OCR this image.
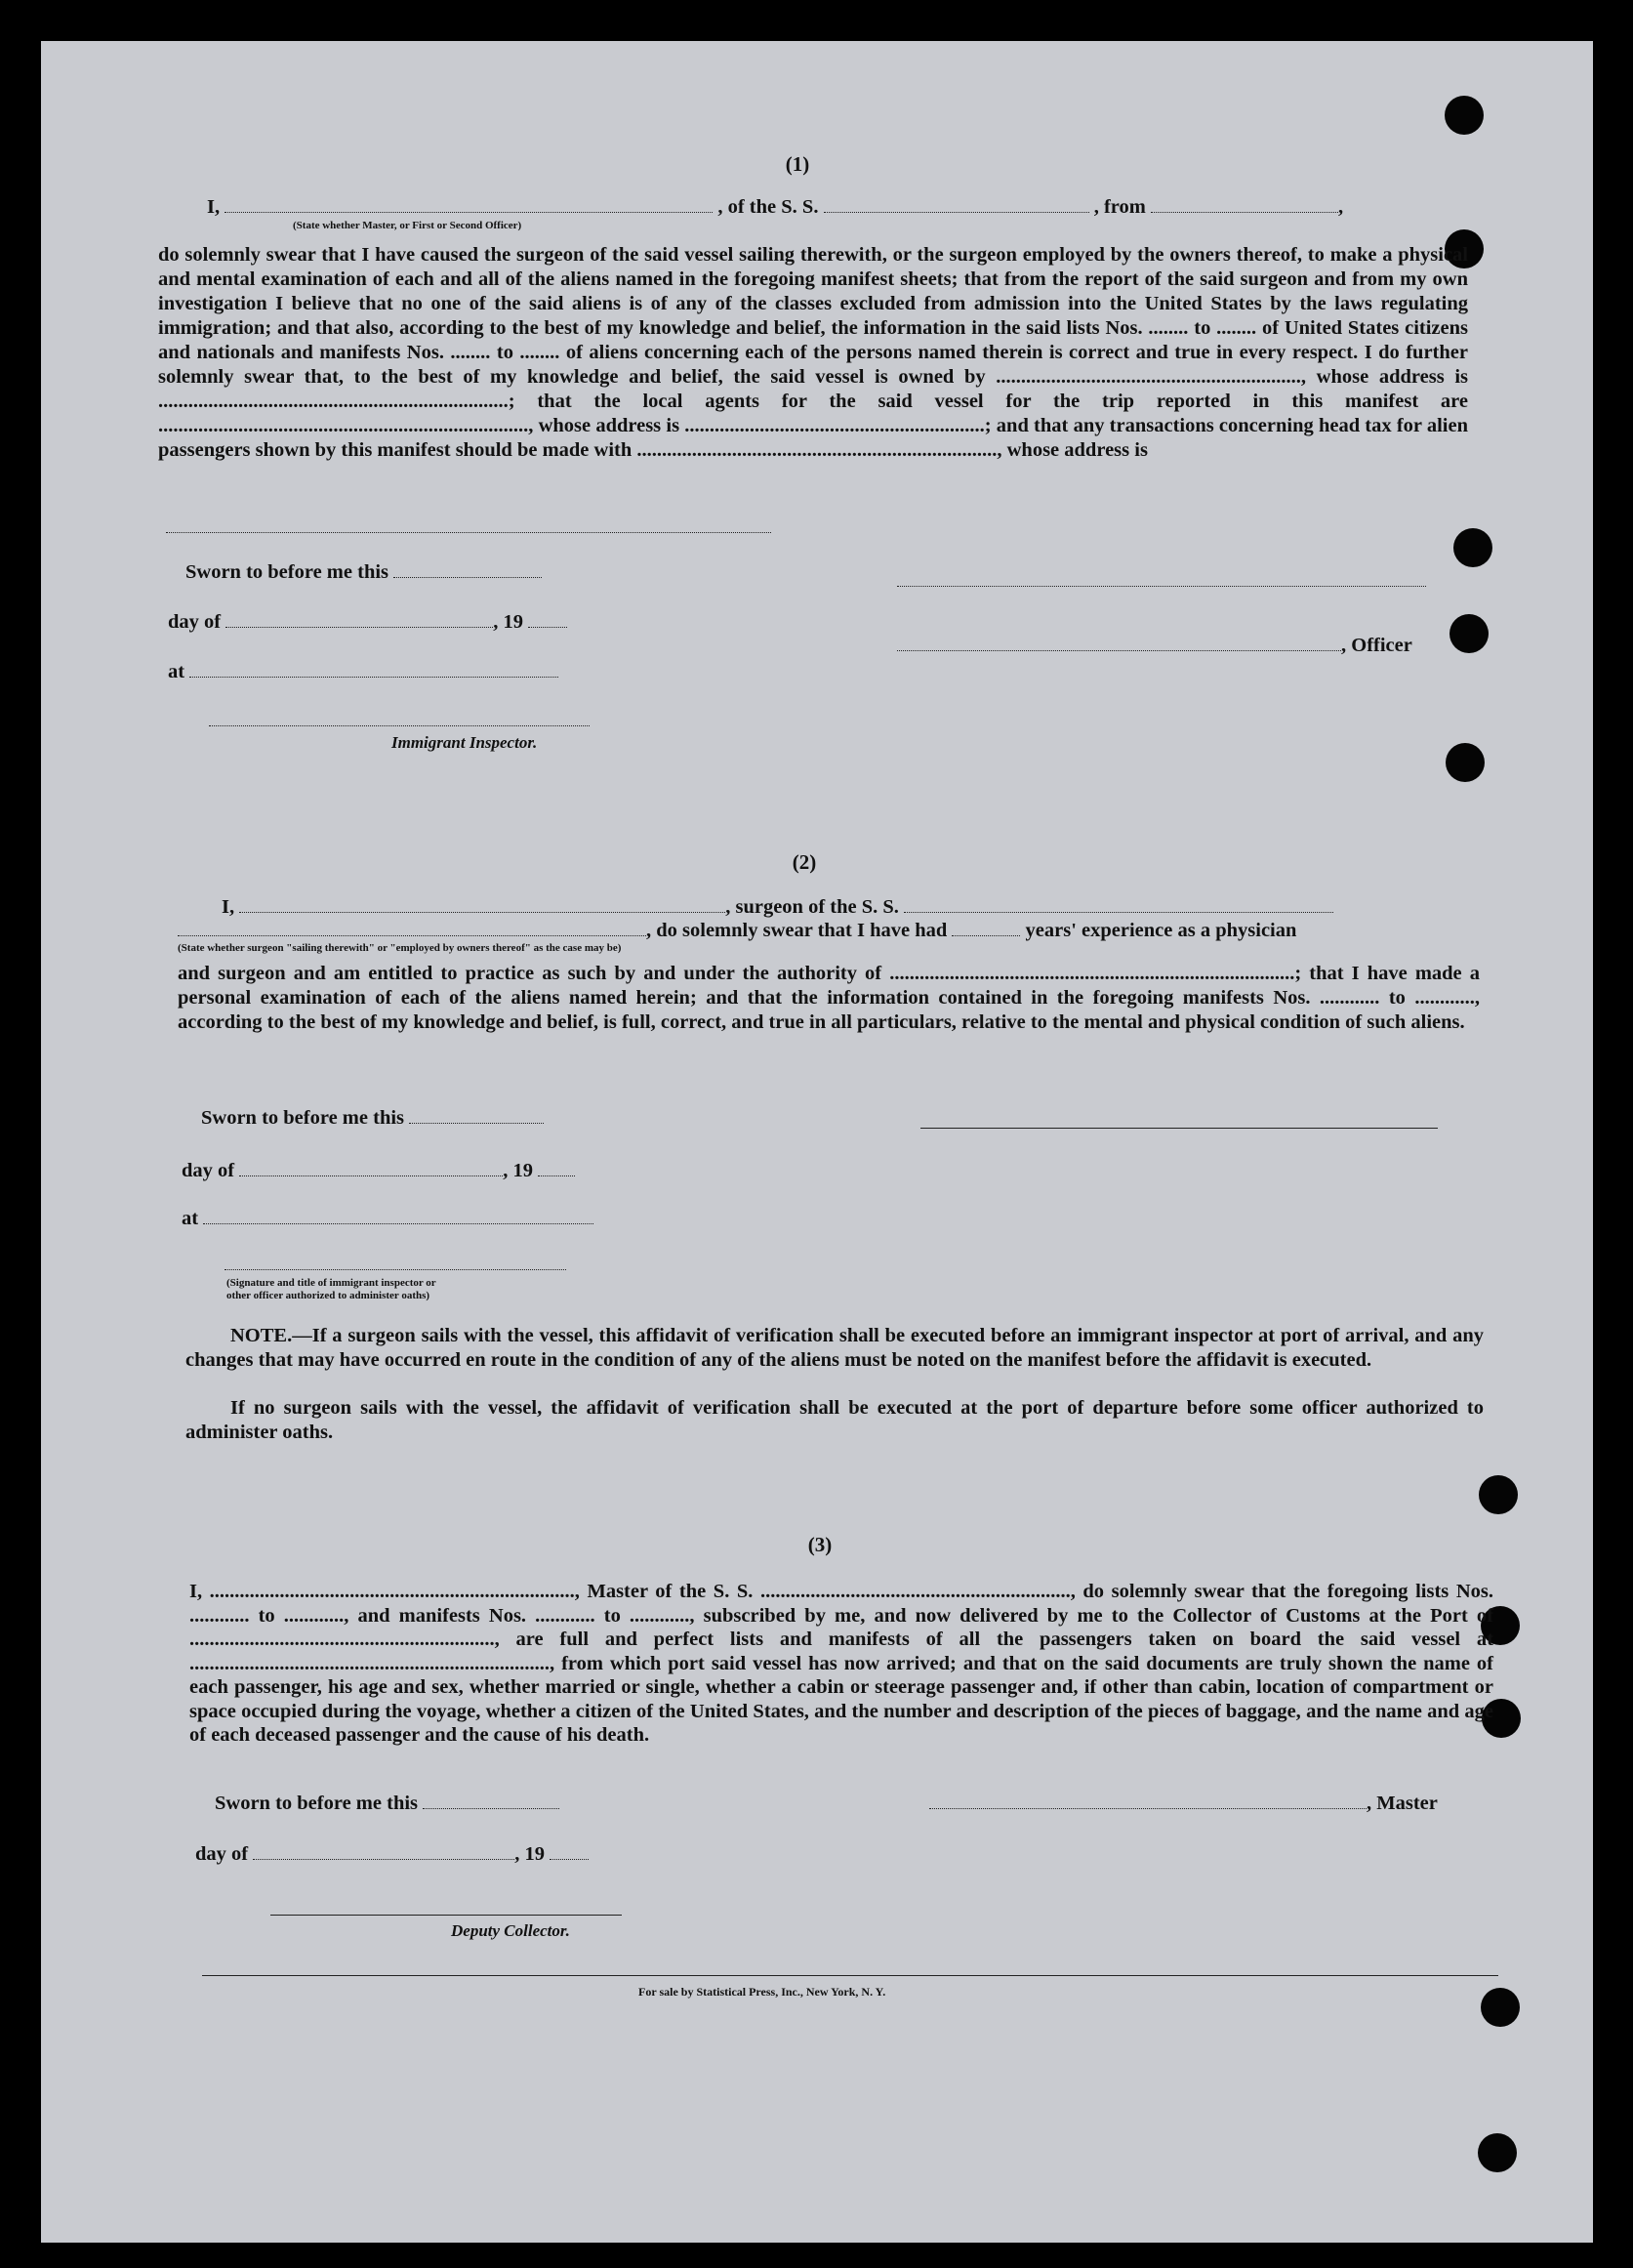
(1)
I,	, of the S. S.	, from	,
(State whether Master, or First or Second Officer)
do solemnly swear that I have caused the surgeon of the said vessel sailing therewith, or the surgeon employed by the owners thereof, to make a physical and mental examination of each and all of the aliens named in the foregoing manifest sheets; that from the report of the said surgeon and from my own investigation I believe that no one of the said aliens is of any of the classes excluded from admission into the United States by the laws regulating immigration; and that also, according to the best of my knowledge and belief, the information in the said lists Nos. ........ to ........ of United States citizens and nationals and manifests Nos. ........ to ........ of aliens concerning each of the persons named therein is correct and true in every respect. I do further solemnly swear that, to the best of my knowledge and belief, the said vessel is owned by ............................................................., whose address is ......................................................................; that the local agents for the said vessel for the trip reported in this manifest are .........................................................................., whose address is ............................................................; and that any transactions concerning head tax for alien passengers shown by this manifest should be made with ........................................................................, whose address is
Sworn to before me this
day of	, 19
, Officer
at
Immigrant Inspector.
(2)
I,	, surgeon of the S. S.
, do solemnly swear that I have had	years' experience as a physician
(State whether surgeon "sailing therewith" or "employed by owners thereof" as the case may be)
and surgeon and am entitled to practice as such by and under the authority of .................................................................................; that I have made a personal examination of each of the aliens named herein; and that the information contained in the foregoing manifests Nos. ............ to ............, according to the best of my knowledge and belief, is full, correct, and true in all particulars, relative to the mental and physical condition of such aliens.
Sworn to before me this
day of	, 19
at
(Signature and title of immigrant inspector or
other officer authorized to administer oaths)
NOTE.—If a surgeon sails with the vessel, this affidavit of verification shall be executed before an immigrant inspector at port of arrival, and any changes that may have occurred en route in the condition of any of the aliens must be noted on the manifest before the affidavit is executed.
If no surgeon sails with the vessel, the affidavit of verification shall be executed at the port of departure before some officer authorized to administer oaths.
(3)
I, ........................................................................., Master of the S. S. .............................................................., do solemnly swear that the foregoing lists Nos. ............ to ............, and manifests Nos. ............ to ............, subscribed by me, and now delivered by me to the Collector of Customs at the Port of ............................................................., are full and perfect lists and manifests of all the passengers taken on board the said vessel at ........................................................................, from which port said vessel has now arrived; and that on the said documents are truly shown the name of each passenger, his age and sex, whether married or single, whether a cabin or steerage passenger and, if other than cabin, location of compartment or space occupied during the voyage, whether a citizen of the United States, and the number and description of the pieces of baggage, and the name and age of each deceased passenger and the cause of his death.
Sworn to before me this	, Master
day of	, 19
Deputy Collector.
For sale by Statistical Press, Inc., New York, N. Y.
